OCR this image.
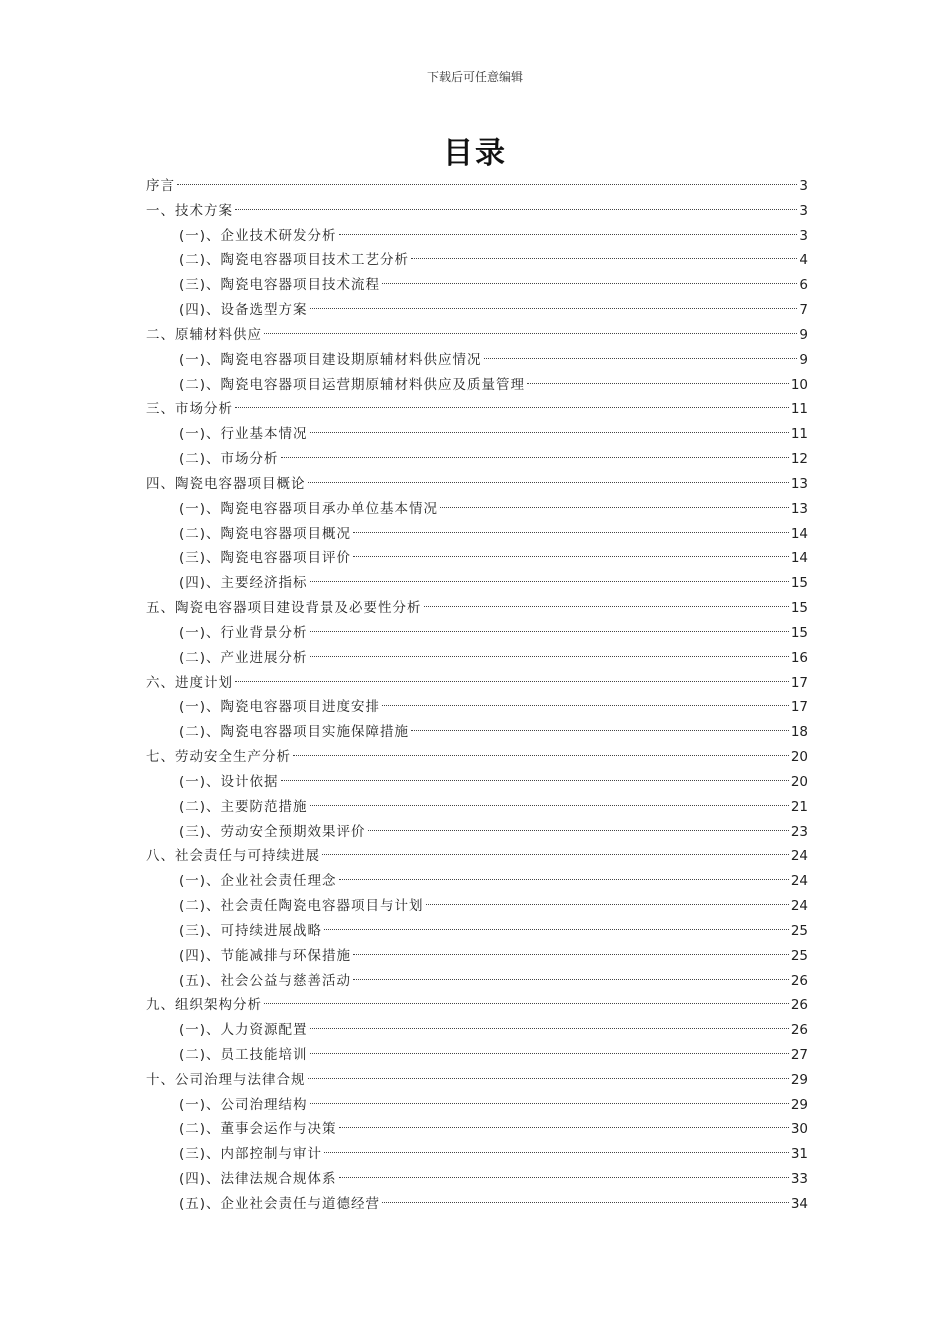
下载后可任意编辑
目录
序言	3
一、技术方案	3
(一)、企业技术研发分析	3
(二)、陶瓷电容器项目技术工艺分析	4
(三)、陶瓷电容器项目技术流程	6
(四)、设备选型方案	7
二、原辅材料供应	9
(一)、陶瓷电容器项目建设期原辅材料供应情况	9
(二)、陶瓷电容器项目运营期原辅材料供应及质量管理	10
三、市场分析	11
(一)、行业基本情况	11
(二)、市场分析	12
四、陶瓷电容器项目概论	13
(一)、陶瓷电容器项目承办单位基本情况	13
(二)、陶瓷电容器项目概况	14
(三)、陶瓷电容器项目评价	14
(四)、主要经济指标	15
五、陶瓷电容器项目建设背景及必要性分析	15
(一)、行业背景分析	15
(二)、产业进展分析	16
六、进度计划	17
(一)、陶瓷电容器项目进度安排	17
(二)、陶瓷电容器项目实施保障措施	18
七、劳动安全生产分析	20
(一)、设计依据	20
(二)、主要防范措施	21
(三)、劳动安全预期效果评价	23
八、社会责任与可持续进展	24
(一)、企业社会责任理念	24
(二)、社会责任陶瓷电容器项目与计划	24
(三)、可持续进展战略	25
(四)、节能减排与环保措施	25
(五)、社会公益与慈善活动	26
九、组织架构分析	26
(一)、人力资源配置	26
(二)、员工技能培训	27
十、公司治理与法律合规	29
(一)、公司治理结构	29
(二)、董事会运作与决策	30
(三)、内部控制与审计	31
(四)、法律法规合规体系	33
(五)、企业社会责任与道德经营	34
